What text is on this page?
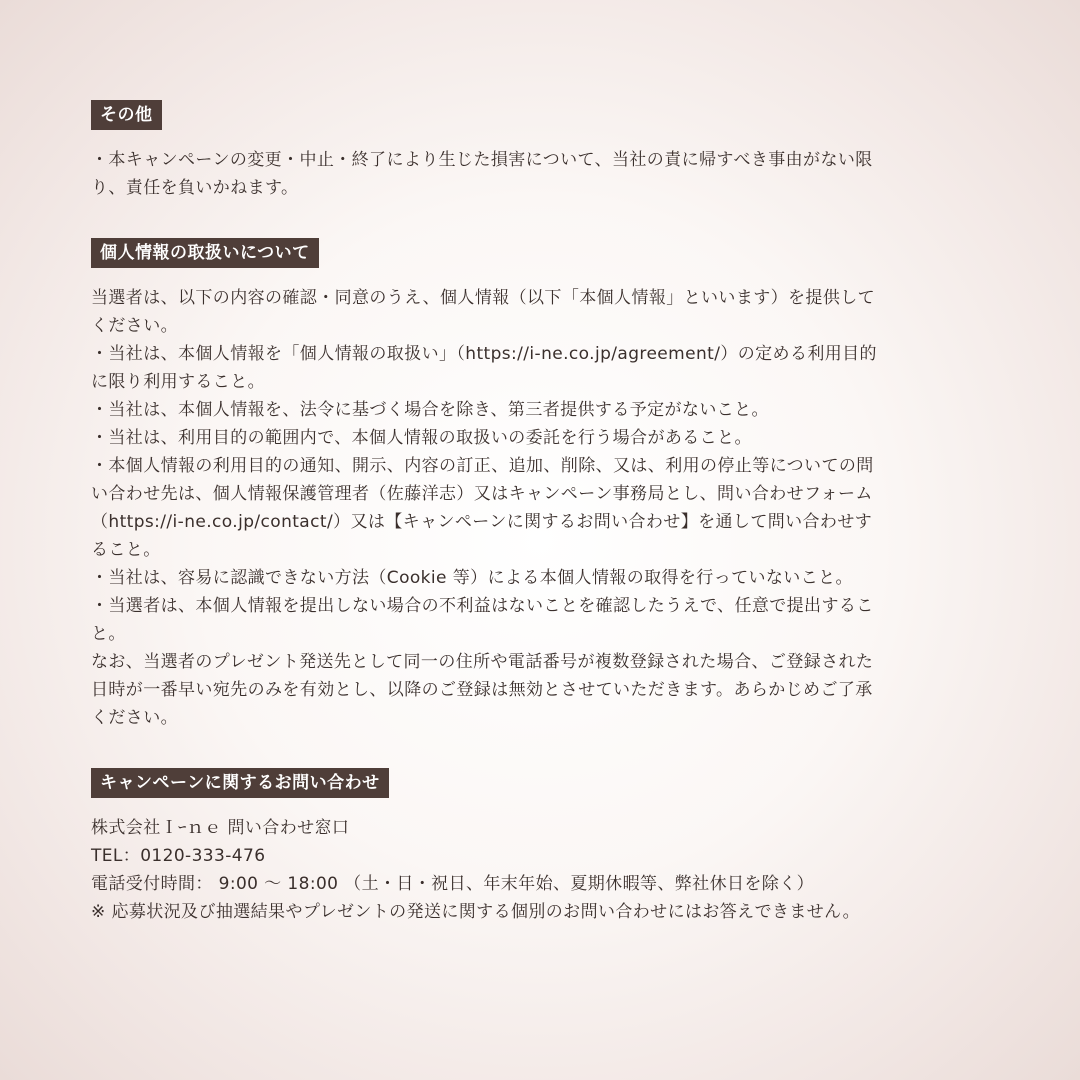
その他
・本キャンペーンの変更・中止・終了により生じた損害について、当社の責に帰すべき事由がない限
り、責任を負いかねます。
個人情報の取扱いについて
当選者は、以下の内容の確認・同意のうえ、個人情報（以下「本個人情報」といいます）を提供して
ください。
・当社は、本個人情報を「個人情報の取扱い」（https://i-ne.co.jp/agreement/）の定める利用目的
に限り利用すること。
・当社は、本個人情報を、法令に基づく場合を除き、第三者提供する予定がないこと。
・当社は、利用目的の範囲内で、本個人情報の取扱いの委託を行う場合があること。
・本個人情報の利用目的の通知、開示、内容の訂正、追加、削除、又は、利用の停止等についての問
い合わせ先は、個人情報保護管理者（佐藤洋志）又はキャンペーン事務局とし、問い合わせフォーム
（https://i-ne.co.jp/contact/）又は【キャンペーンに関するお問い合わせ】を通して問い合わせす
ること。
・当社は、容易に認識できない方法（Cookie 等）による本個人情報の取得を行っていないこと。
・当選者は、本個人情報を提出しない場合の不利益はないことを確認したうえで、任意で提出するこ
と。
なお、当選者のプレゼント発送先として同一の住所や電話番号が複数登録された場合、ご登録された
日時が一番早い宛先のみを有効とし、以降のご登録は無効とさせていただきます。あらかじめご了承
ください。
キャンペーンに関するお問い合わせ
株式会社Ｉｰｎｅ 問い合わせ窓口
TEL：0120-333-476
電話受付時間： 9:00 〜 18:00 （土・日・祝日、年末年始、夏期休暇等、弊社休日を除く）
※ 応募状況及び抽選結果やプレゼントの発送に関する個別のお問い合わせにはお答えできません。
